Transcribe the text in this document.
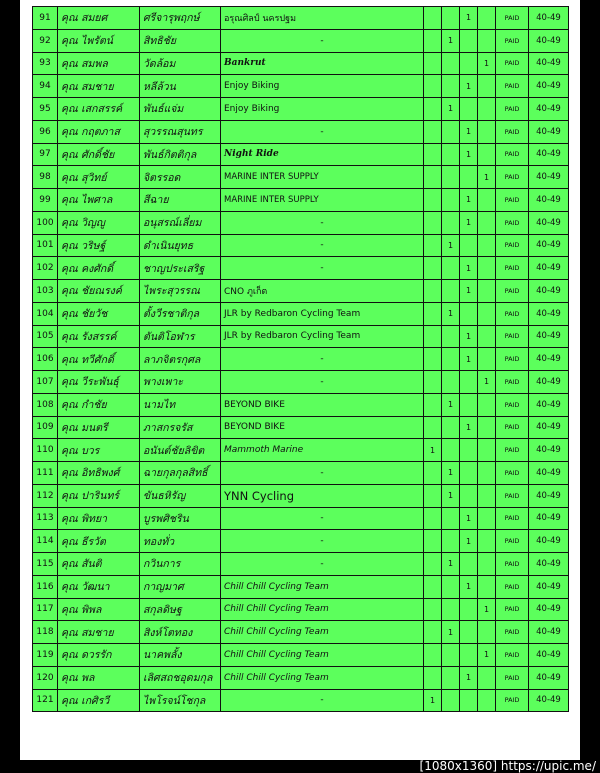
91	คุณ สมยศ	ศรีจารุพฤกษ์	อรุณศิลป์ นครปฐม			1		PAID	40-49
92	คุณ ไพรัตน์	สิทธิชัย	-		1			PAID	40-49
93	คุณ สมพล	วัดล้อม	Bankrut				1	PAID	40-49
94	คุณ สมชาย	หลีล้วน	Enjoy Biking			1		PAID	40-49
95	คุณ เสกสรรค์	พันธ์แจ่ม	Enjoy Biking		1			PAID	40-49
96	คุณ กฤตภาส	สุวรรณสุนทร	-			1		PAID	40-49
97	คุณ ศักดิ์ชัย	พันธ์กิตติกุล	Night Ride			1		PAID	40-49
98	คุณ สุวิทย์	จิตรรอด	MARINE INTER SUPPLY				1	PAID	40-49
99	คุณ ไพศาล	สีฉาย	MARINE INTER SUPPLY			1		PAID	40-49
100	คุณ วิญญู	อนุสรณ์เลี่ยม	-			1		PAID	40-49
101	คุณ วริษฐ์	ดำเนินยุทธ	-		1			PAID	40-49
102	คุณ คงศักดิ์	ชาญประเสริฐ	-			1		PAID	40-49
103	คุณ ชัยณรงค์	ไพระสุวรรณ	CNO ภูเก็ต			1		PAID	40-49
104	คุณ ชัยวัช	ตั้งวีรชาติกุล	JLR by Redbaron Cycling Team		1			PAID	40-49
105	คุณ รังสรรค์	ตันติโอฬาร	JLR by Redbaron Cycling Team			1		PAID	40-49
106	คุณ ทวีศักดิ์	ลาภจิตรกุศล	-			1		PAID	40-49
107	คุณ วีระพันธุ์	พางเพาะ	-				1	PAID	40-49
108	คุณ กำชัย	นามไท	BEYOND BIKE		1			PAID	40-49
109	คุณ มนตรี	ภาสกรจรัส	BEYOND BIKE			1		PAID	40-49
110	คุณ บวร	อนันต์ชัยลิขิต	Mammoth Marine	1				PAID	40-49
111	คุณ อิทธิพงศ์	ฉายกุลกุลสิทธิ์	-		1			PAID	40-49
112	คุณ ปารินทร์	ขันธหิรัญ	YNN Cycling		1			PAID	40-49
113	คุณ พิทยา	บูรพศิชริน	-			1		PAID	40-49
114	คุณ ธีรวัต	ทองทั่ว	-			1		PAID	40-49
115	คุณ สันติ	กวินการ	-		1			PAID	40-49
116	คุณ วัฒนา	กาญมาศ	Chill Chill Cycling Team			1		PAID	40-49
117	คุณ พิพล	สกุลดิษฐ	Chill Chill Cycling Team				1	PAID	40-49
118	คุณ สมชาย	สิงห์โตทอง	Chill Chill Cycling Team		1			PAID	40-49
119	คุณ ดวรรัก	นาคพลั้ง	Chill Chill Cycling Team				1	PAID	40-49
120	คุณ พล	เลิศสถชอุดมกุล	Chill Chill Cycling Team			1		PAID	40-49
121	คุณ เกศิรวี	ไพโรจน์โชกุล	-	1				PAID	40-49
[1080x1360] https://upic.me/
